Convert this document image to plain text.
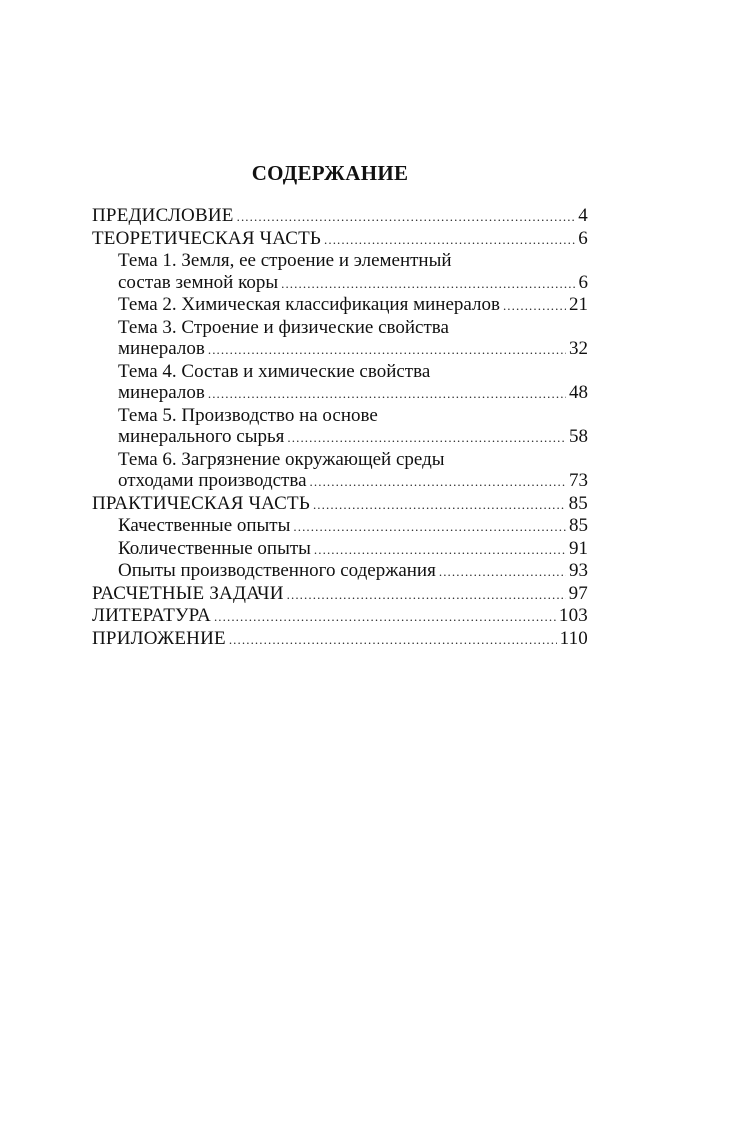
СОДЕРЖАНИЕ
ПРЕДИСЛОВИЕ .....	4
ТЕОРЕТИЧЕСКАЯ ЧАСТЬ .....	6
Тема 1. Земля, ее строение и элементный
состав земной коры .....	6
Тема 2. Химическая классификация минералов .....	21
Тема 3. Строение и физические свойства
минералов .....	32
Тема 4. Состав и химические свойства
минералов .....	48
Тема 5. Производство на основе
минерального сырья .....	58
Тема 6. Загрязнение окружающей среды
отходами производства .....	73
ПРАКТИЧЕСКАЯ ЧАСТЬ .....	85
Качественные опыты .....	85
Количественные опыты .....	91
Опыты производственного содержания .....	93
РАСЧЕТНЫЕ ЗАДАЧИ .....	97
ЛИТЕРАТУРА .....	103
ПРИЛОЖЕНИЕ .....	110
